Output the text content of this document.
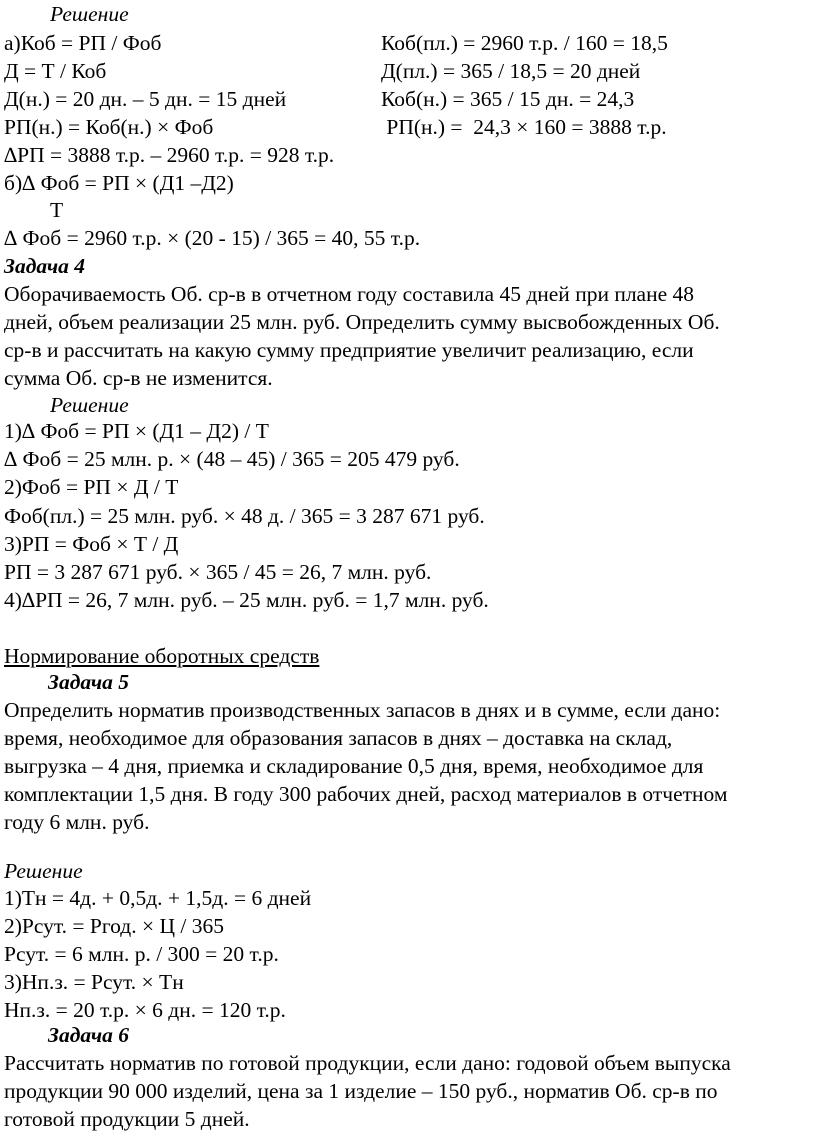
Решение
а)Коб = РП / Фоб	Коб(пл.) = 2960 т.р. / 160 = 18,5
Д = Т / Коб	Д(пл.) = 365 / 18,5 = 20 дней
Д(н.) = 20 дн. – 5 дн. = 15 дней	Коб(н.) = 365 / 15 дн. = 24,3
РП(н.) = Коб(н.) × Фоб	РП(н.) =  24,3 × 160 = 3888 т.р.
∆РП = 3888 т.р. – 2960 т.р. = 928 т.р.
б)∆ Фоб = РП × (Д1 –Д2)
Т
∆ Фоб = 2960 т.р. × (20 - 15) / 365 = 40, 55 т.р.
Задача 4
Оборачиваемость Об. ср-в в отчетном году составила 45 дней при плане 48
дней, объем реализации 25 млн. руб. Определить сумму высвобожденных Об.
ср-в и рассчитать на какую сумму предприятие увеличит реализацию, если
сумма Об. ср-в не изменится.
Решение
1)∆ Фоб = РП × (Д1 – Д2) / Т
∆ Фоб = 25 млн. р. × (48 – 45) / 365 = 205 479 руб.
2)Фоб = РП × Д / Т
Фоб(пл.) = 25 млн. руб. × 48 д. / 365 = 3 287 671 руб.
3)РП = Фоб × Т / Д
РП = 3 287 671 руб. × 365 / 45 = 26, 7 млн. руб.
4)∆РП = 26, 7 млн. руб. – 25 млн. руб. = 1,7 млн. руб.
Нормирование оборотных средств
Задача 5
Определить норматив производственных запасов в днях и в сумме, если дано:
время, необходимое для образования запасов в днях – доставка на склад,
выгрузка – 4 дня, приемка и складирование 0,5 дня, время, необходимое для
комплектации 1,5 дня. В году 300 рабочих дней, расход материалов в отчетном
году 6 млн. руб.
Решение
1)Тн = 4д. + 0,5д. + 1,5д. = 6 дней
2)Рсут. = Ргод. × Ц / 365
Рсут. = 6 млн. р. / 300 = 20 т.р.
3)Нп.з. = Рсут. × Тн
Нп.з. = 20 т.р. × 6 дн. = 120 т.р.
Задача 6
Рассчитать норматив по готовой продукции, если дано: годовой объем выпуска
продукции 90 000 изделий, цена за 1 изделие – 150 руб., норматив Об. ср-в по
готовой продукции 5 дней.
